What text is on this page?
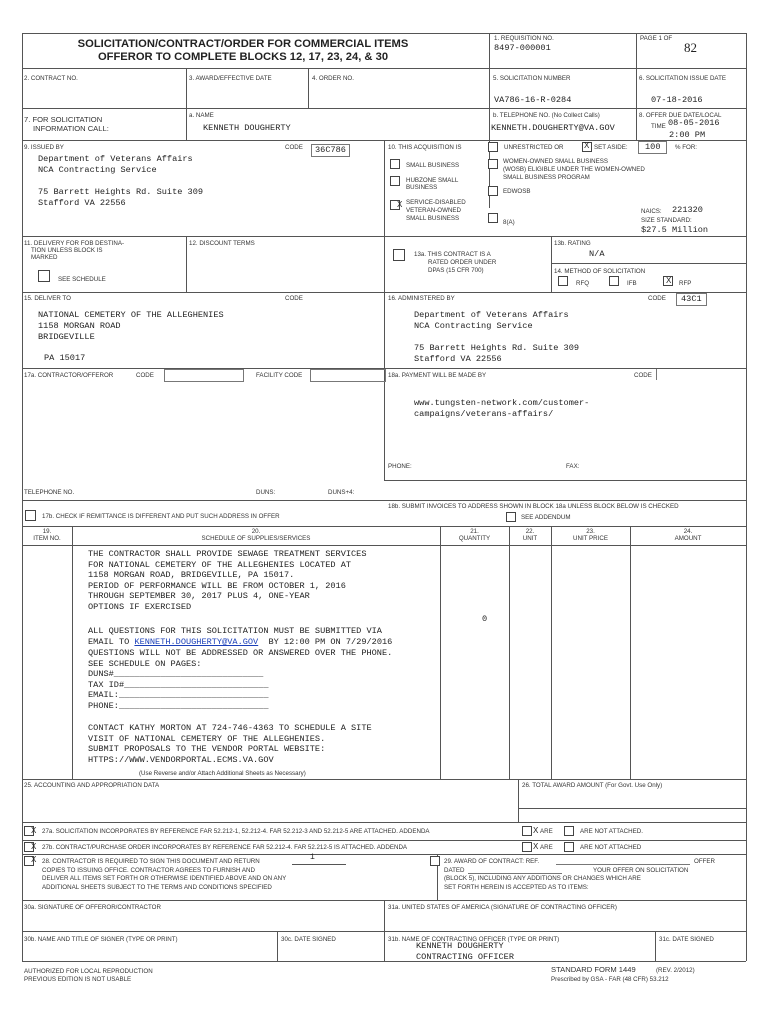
SOLICITATION/CONTRACT/ORDER FOR COMMERCIAL ITEMS
OFFEROR TO COMPLETE BLOCKS 12, 17, 23, 24, & 30
1. REQUISITION NO.
8497-000001
PAGE 1 OF
82
2. CONTRACT NO.	3. AWARD/EFFECTIVE DATE	4. ORDER NO.	5. SOLICITATION NUMBER
VA786-16-R-0284
6. SOLICITATION ISSUE DATE
07-18-2016
7. FOR SOLICITATION
INFORMATION CALL:
a. NAME
KENNETH DOUGHERTY
b. TELEPHONE NO. (No Collect Calls)
KENNETH.DOUGHERTY@VA.GOV
8. OFFER DUE DATE/LOCAL
TIME 08-05-2016
2:00 PM
9. ISSUED BY	CODE	36C786
Department of Veterans Affairs
NCA Contracting Service
75 Barrett Heights Rd. Suite 309
Stafford VA 22556
10. THIS ACQUISITION IS	UNRESTRICTED OR	X SET ASIDE:	100	% FOR:
SMALL BUSINESS
HUBZONE SMALL
BUSINESS
X SERVICE-DISABLED
VETERAN-OWNED
SMALL BUSINESS
WOMEN-OWNED SMALL BUSINESS
(WOSB) ELIGIBLE UNDER THE WOMEN-OWNED
SMALL BUSINESS PROGRAM
EDWOSB
8(A)
NAICS: 221320
SIZE STANDARD:
$27.5 Million
11. DELIVERY FOR FOB DESTINA-
TION UNLESS BLOCK IS
MARKED
SEE SCHEDULE
12. DISCOUNT TERMS
13a. THIS CONTRACT IS A
RATED ORDER UNDER
DPAS (15 CFR 700)
13b. RATING
N/A
14. METHOD OF SOLICITATION
RFQ	IFB	X RFP
15. DELIVER TO	CODE
NATIONAL CEMETERY OF THE ALLEGHENIES
1158 MORGAN ROAD
BRIDGEVILLE
PA 15017
16. ADMINISTERED BY	CODE	43C1
Department of Veterans Affairs
NCA Contracting Service
75 Barrett Heights Rd. Suite 309
Stafford VA 22556
17a. CONTRACTOR/OFFEROR	CODE	FACILITY CODE
TELEPHONE NO.	DUNS:	DUNS+4:
18a. PAYMENT WILL BE MADE BY	CODE
www.tungsten-network.com/customer-
campaigns/veterans-affairs/
PHONE:	FAX:
17b. CHECK IF REMITTANCE IS DIFFERENT AND PUT SUCH ADDRESS IN OFFER
18b. SUBMIT INVOICES TO ADDRESS SHOWN IN BLOCK 18a UNLESS BLOCK BELOW IS CHECKED
SEE ADDENDUM
19.
ITEM NO.
20.
SCHEDULE OF SUPPLIES/SERVICES
21.
QUANTITY
22.
UNIT
23.
UNIT PRICE
24.
AMOUNT
THE CONTRACTOR SHALL PROVIDE SEWAGE TREATMENT SERVICES
FOR NATIONAL CEMETERY OF THE ALLEGHENIES LOCATED AT
1158 MORGAN ROAD, BRIDGEVILLE, PA 15017.
PERIOD OF PERFORMANCE WILL BE FROM OCTOBER 1, 2016
THROUGH SEPTEMBER 30, 2017 PLUS 4, ONE-YEAR
OPTIONS IF EXERCISED
0
ALL QUESTIONS FOR THIS SOLICITATION MUST BE SUBMITTED VIA
EMAIL TO KENNETH.DOUGHERTY@VA.GOV  BY 12:00 PM ON 7/29/2016
QUESTIONS WILL NOT BE ADDRESSED OR ANSWERED OVER THE PHONE.
SEE SCHEDULE ON PAGES:
DUNS#_____________________________
TAX ID#____________________________
EMAIL:_____________________________
PHONE:_____________________________
CONTACT KATHY MORTON AT 724-746-4363 TO SCHEDULE A SITE
VISIT OF NATIONAL CEMETERY OF THE ALLEGHENIES.
SUBMIT PROPOSALS TO THE VENDOR PORTAL WEBSITE:
HTTPS://WWW.VENDORPORTAL.ECMS.VA.GOV
(Use Reverse and/or Attach Additional Sheets as Necessary)
25. ACCOUNTING AND APPROPRIATION DATA	26. TOTAL AWARD AMOUNT (For Govt. Use Only)
X 27a. SOLICITATION INCORPORATES BY REFERENCE FAR 52.212-1, 52.212-4. FAR 52.212-3 AND 52.212-5 ARE ATTACHED. ADDENDA	X ARE	ARE NOT ATTACHED.
X 27b. CONTRACT/PURCHASE ORDER INCORPORATES BY REFERENCE FAR 52.212-4. FAR 52.212-5 IS ATTACHED. ADDENDA	X ARE	ARE NOT ATTACHED
X 28. CONTRACTOR IS REQUIRED TO SIGN THIS DOCUMENT AND RETURN	1
COPIES TO ISSUING OFFICE. CONTRACTOR AGREES TO FURNISH AND
DELIVER ALL ITEMS SET FORTH OR OTHERWISE IDENTIFIED ABOVE AND ON ANY
ADDITIONAL SHEETS SUBJECT TO THE TERMS AND CONDITIONS SPECIFIED
29. AWARD OF CONTRACT: REF.	OFFER
DATED	YOUR OFFER ON SOLICITATION
(BLOCK 5), INCLUDING ANY ADDITIONS OR CHANGES WHICH ARE
SET FORTH HEREIN IS ACCEPTED AS TO ITEMS:
30a. SIGNATURE OF OFFEROR/CONTRACTOR	31a. UNITED STATES OF AMERICA (SIGNATURE OF CONTRACTING OFFICER)
30b. NAME AND TITLE OF SIGNER (TYPE OR PRINT)	30c. DATE SIGNED	31b. NAME OF CONTRACTING OFFICER (TYPE OR PRINT)
KENNETH DOUGHERTY
CONTRACTING OFFICER
31c. DATE SIGNED
AUTHORIZED FOR LOCAL REPRODUCTION
PREVIOUS EDITION IS NOT USABLE
STANDARD FORM 1449	(REV. 2/2012)
Prescribed by GSA - FAR (48 CFR) 53.212
